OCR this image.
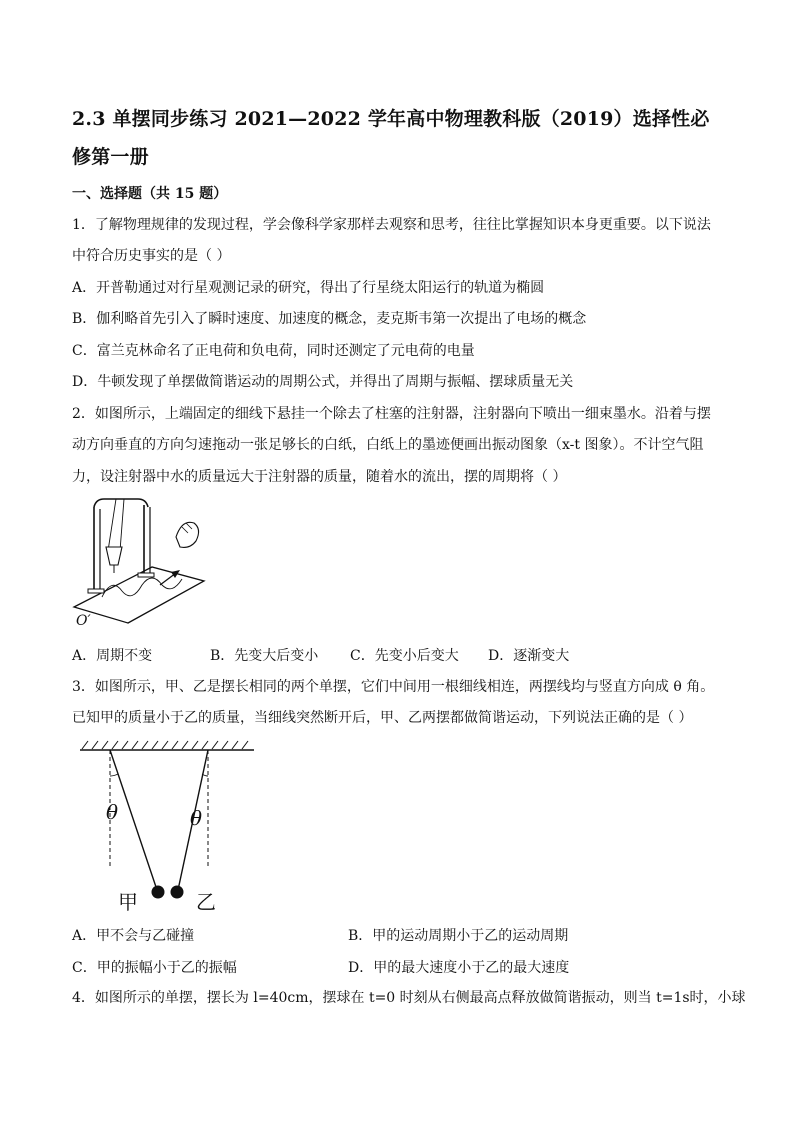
2.3 单摆同步练习 2021—2022 学年高中物理教科版（2019）选择性必
修第一册
一、选择题（共 15 题）
1．了解物理规律的发现过程，学会像科学家那样去观察和思考，往往比掌握知识本身更重要。以下说法
中符合历史事实的是（ ）
A．开普勒通过对行星观测记录的研究，得出了行星绕太阳运行的轨道为椭圆
B．伽利略首先引入了瞬时速度、加速度的概念，麦克斯韦第一次提出了电场的概念
C．富兰克林命名了正电荷和负电荷，同时还测定了元电荷的电量
D．牛顿发现了单摆做简谐运动的周期公式，并得出了周期与振幅、摆球质量无关
2．如图所示，上端固定的细线下悬挂一个除去了柱塞的注射器，注射器向下喷出一细束墨水。沿着与摆
动方向垂直的方向匀速拖动一张足够长的白纸，白纸上的墨迹便画出振动图象（x-t 图象）。不计空气阻
力，设注射器中水的质量远大于注射器的质量，随着水的流出，摆的周期将（ ）
O′
A．周期不变	B．先变大后变小 C．先变小后变大 D．逐渐变大
3．如图所示，甲、乙是摆长相同的两个单摆，它们中间用一根细线相连，两摆线均与竖直方向成 θ 角。
已知甲的质量小于乙的质量，当细线突然断开后，甲、乙两摆都做简谐运动，下列说法正确的是（ ）
θ	θ
甲	乙
A．甲不会与乙碰撞	B．甲的运动周期小于乙的运动周期
C．甲的振幅小于乙的振幅	D．甲的最大速度小于乙的最大速度
4．如图所示的单摆，摆长为 l=40cm，摆球在 t=0 时刻从右侧最高点释放做简谐振动，则当 t=1s时，小球
